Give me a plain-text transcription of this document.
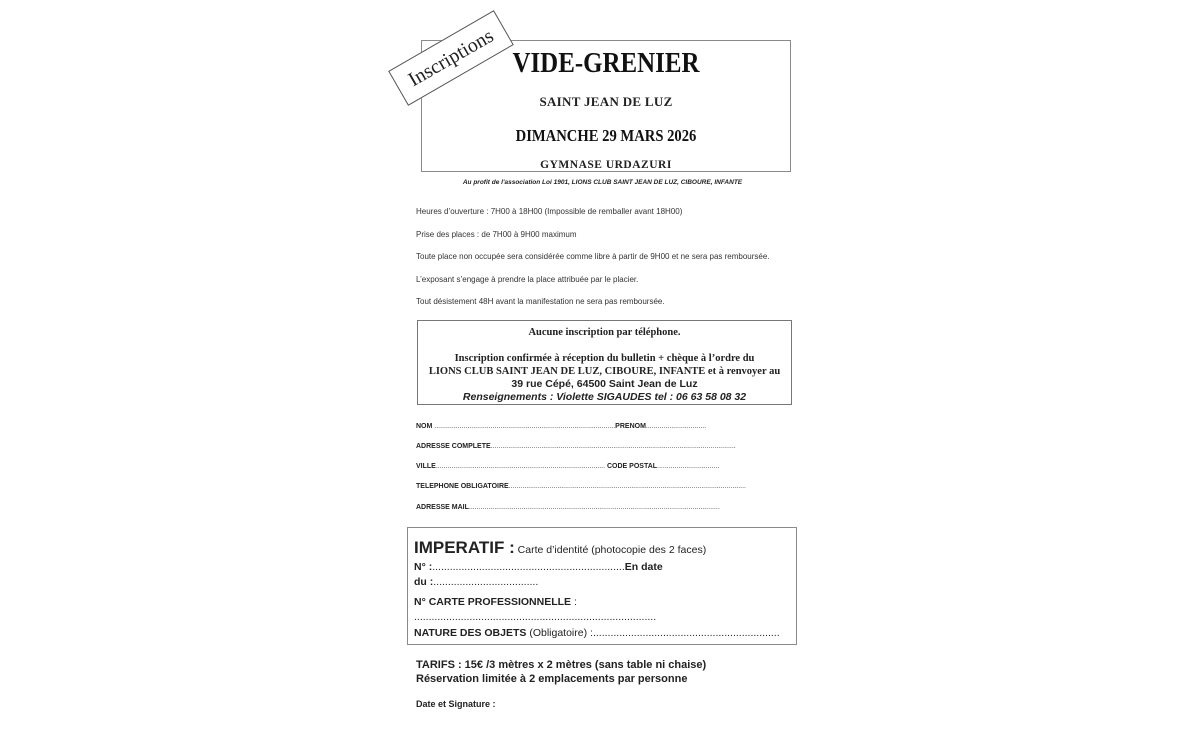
VIDE-GRENIER
SAINT JEAN DE LUZ
DIMANCHE 29 MARS 2026
GYMNASE URDAZURI
Inscriptions
Au profit de l'association Loi 1901, LIONS CLUB SAINT JEAN DE LUZ, CIBOURE, INFANTE
Heures d’ouverture : 7H00 à 18H00 (Impossible de remballer avant 18H00)
Prise des places : de 7H00 à 9H00 maximum
Toute place non occupée sera considérée comme libre à partir de 9H00 et ne sera pas remboursée.
L’exposant s’engage à prendre la place attribuée par le placier.
Tout désistement 48H avant la manifestation ne sera pas remboursée.
Aucune inscription par téléphone.
Inscription confirmée à réception du bulletin + chèque à l’ordre du
LIONS CLUB SAINT JEAN DE LUZ, CIBOURE, INFANTE et à renvoyer au
39 rue Cépé, 64500 Saint Jean de Luz
Renseignements : Violette SIGAUDES tel : 06 63 58 08 32
NOM .............................................................................................PRENOM...............................
ADRESSE COMPLETE..............................................................................................................................
VILLE....................................................................................... CODE POSTAL................................
TELEPHONE OBLIGATOIRE..........................................................................................................................
ADRESSE MAIL.................................................................................................................................
IMPERATIF : Carte d’identité (photocopie des 2 faces)
N° :..................................................................En date
du :....................................
N° CARTE PROFESSIONNELLE :
...................................................................................
NATURE DES OBJETS (Obligatoire) :................................................................
TARIFS : 15€ /3 mètres x 2 mètres (sans table ni chaise)
Réservation limitée à 2 emplacements par personne
Date et Signature :
